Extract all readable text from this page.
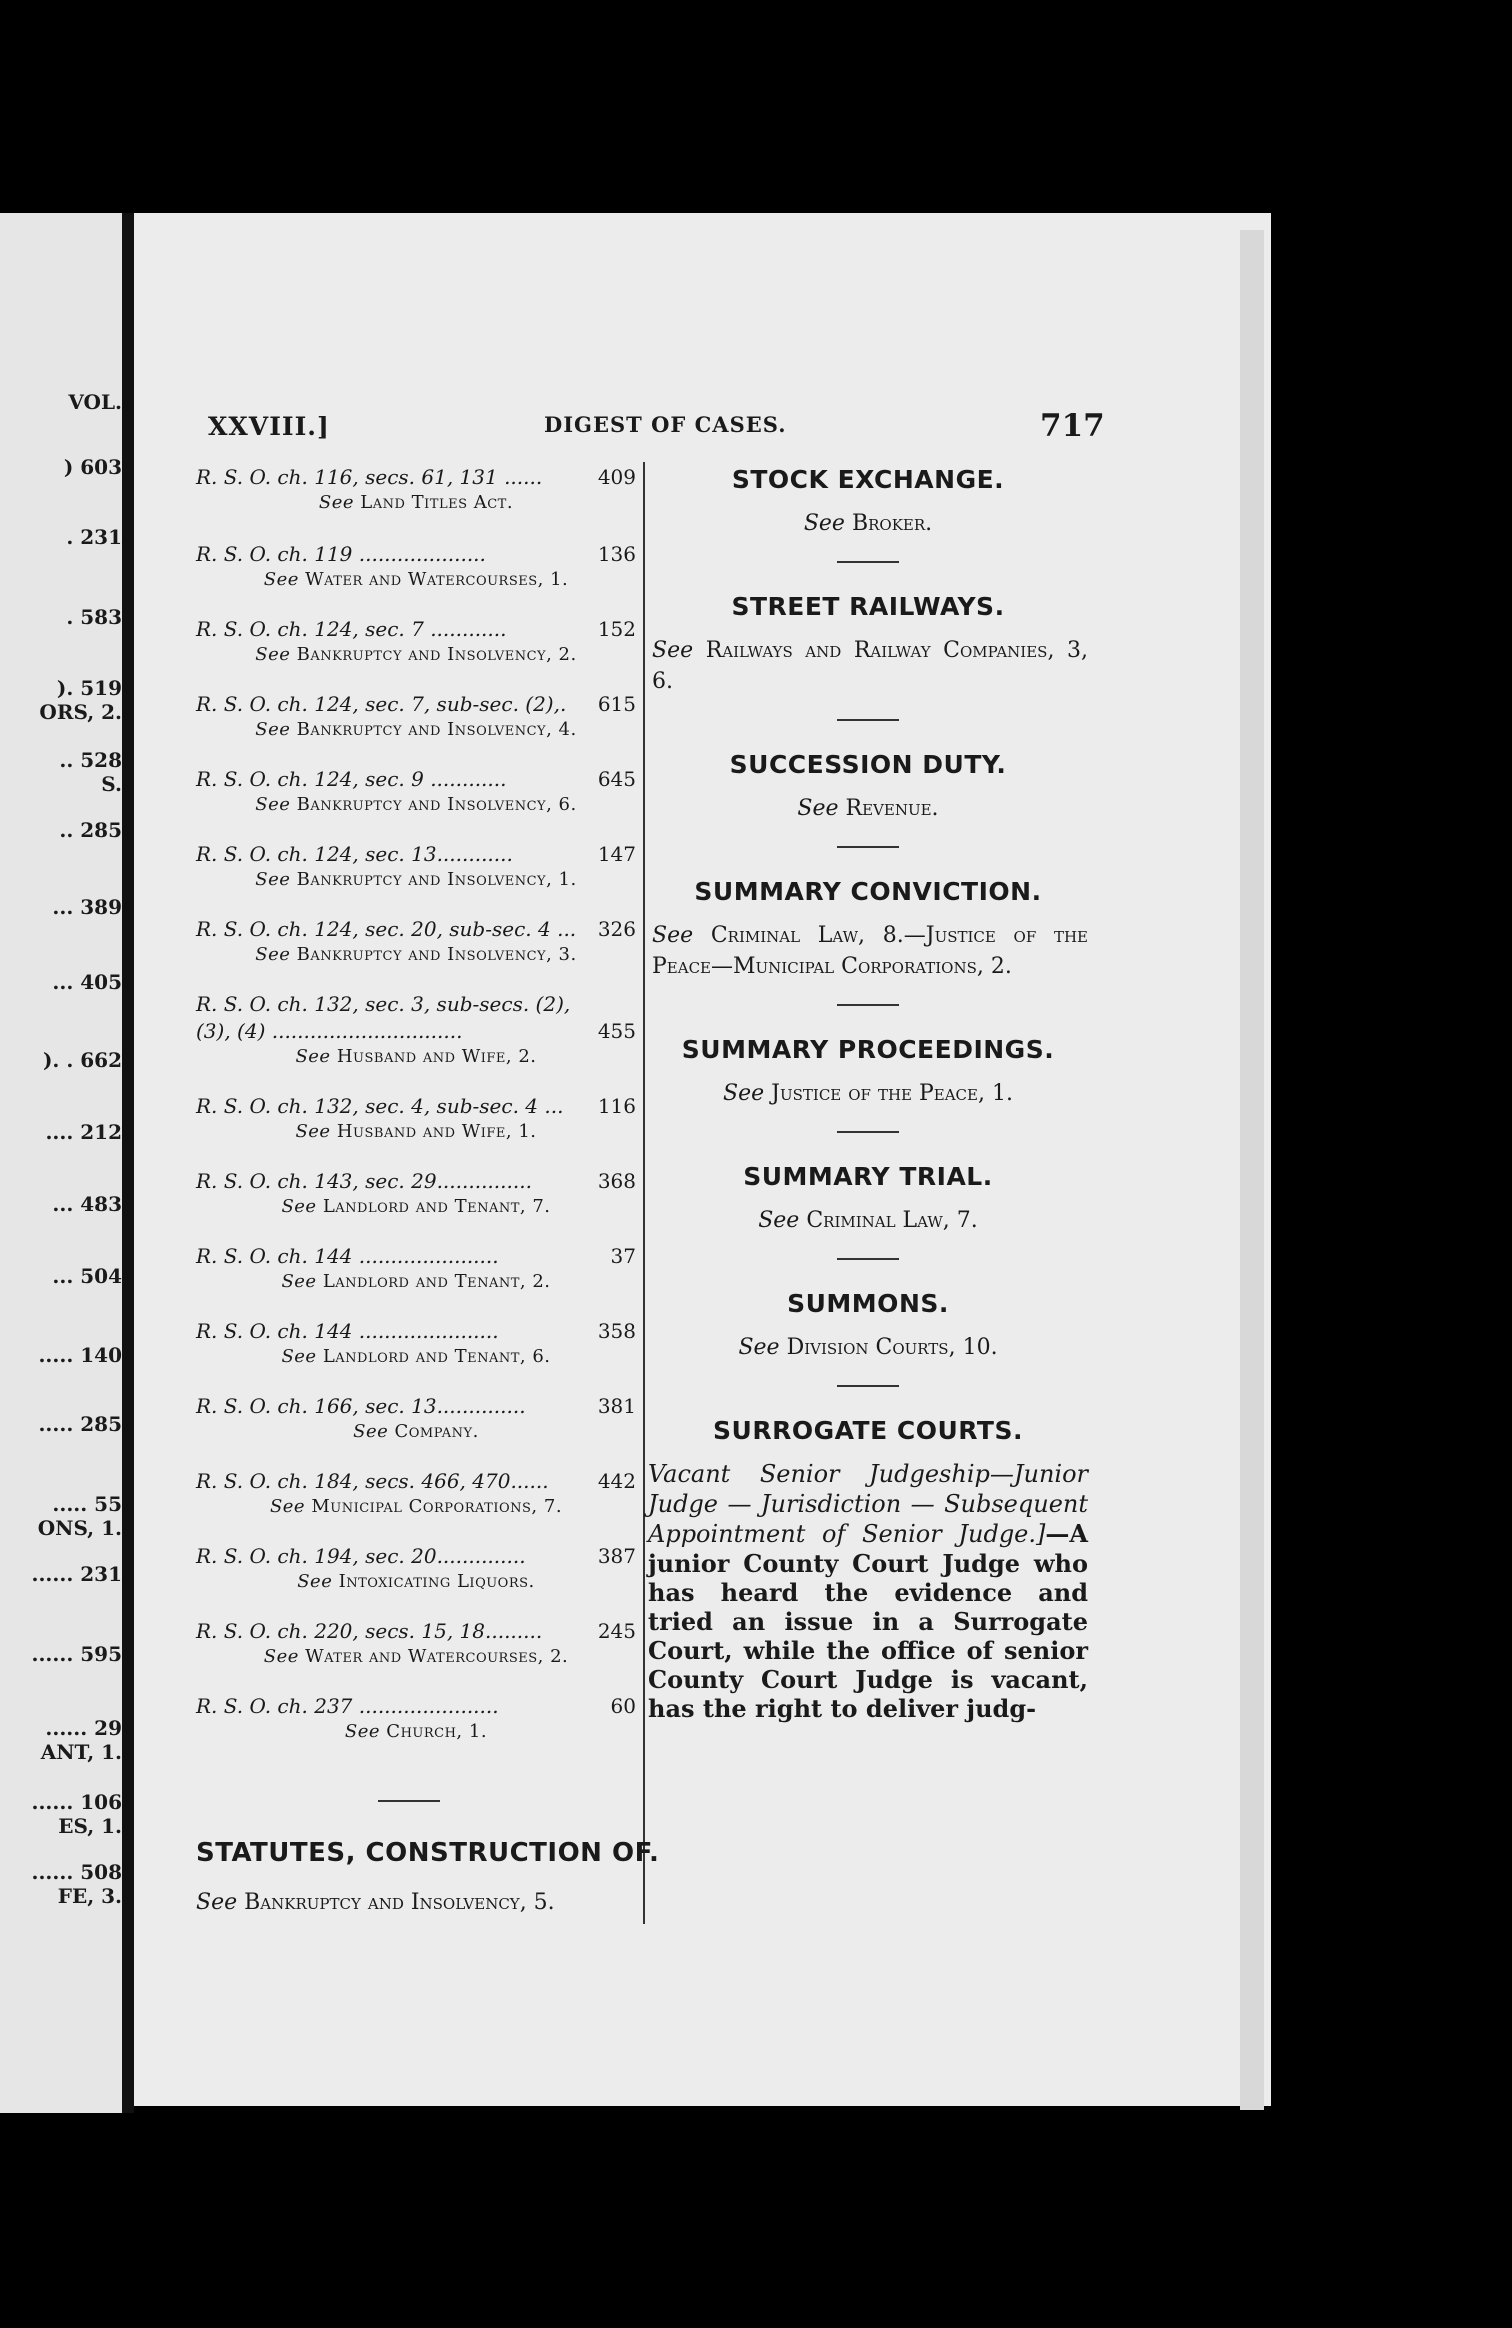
VOL.
) 603
. 231
. 583
). 519
ORS, 2.
.. 528
S.
.. 285
... 389
... 405
). . 662
.... 212
... 483
... 504
..... 140
..... 285
..... 55
ONS, 1.
...... 231
...... 595
...... 29
ANT, 1.
...... 106
ES, 1.
...... 508
FE, 3.
XXVIII.]	DIGEST OF CASES.	717
R. S. O. ch. 116, secs. 61, 131 ......	409
See Land Titles Act.
R. S. O. ch. 119 ....................	136
See Water and Watercourses, 1.
R. S. O. ch. 124, sec. 7 ............	152
See Bankruptcy and Insolvency, 2.
R. S. O. ch. 124, sec. 7, sub-sec. (2),. 615
See Bankruptcy and Insolvency, 4.
R. S. O. ch. 124, sec. 9 ............	645
See Bankruptcy and Insolvency, 6.
R. S. O. ch. 124, sec. 13............	147
See Bankruptcy and Insolvency, 1.
R. S. O. ch. 124, sec. 20, sub-sec. 4 ... 326
See Bankruptcy and Insolvency, 3.
R. S. O. ch. 132, sec. 3, sub-secs. (2),
(3), (4) ..............................	455
See Husband and Wife, 2.
R. S. O. ch. 132, sec. 4, sub-sec. 4 ... 116
See Husband and Wife, 1.
R. S. O. ch. 143, sec. 29...............	368
See Landlord and Tenant, 7.
R. S. O. ch. 144 ......................	37
See Landlord and Tenant, 2.
R. S. O. ch. 144 ......................	358
See Landlord and Tenant, 6.
R. S. O. ch. 166, sec. 13..............	381
See Company.
R. S. O. ch. 184, secs. 466, 470...... 442
See Municipal Corporations, 7.
R. S. O. ch. 194, sec. 20..............	387
See Intoxicating Liquors.
R. S. O. ch. 220, secs. 15, 18.........	245
See Water and Watercourses, 2.
R. S. O. ch. 237 ......................	60
See Church, 1.
STATUTES, CONSTRUCTION OF.
See Bankruptcy and Insolvency, 5.
STOCK EXCHANGE.
See Broker.
STREET RAILWAYS.
See Railways and Railway Companies, 3, 6.
SUCCESSION DUTY.
See Revenue.
SUMMARY CONVICTION.
See Criminal Law, 8.—Justice of the Peace—Municipal Corporations, 2.
SUMMARY PROCEEDINGS.
See Justice of the Peace, 1.
SUMMARY TRIAL.
See Criminal Law, 7.
SUMMONS.
See Division Courts, 10.
SURROGATE COURTS.
Vacant Senior Judgeship—Junior Judge — Jurisdiction — Subsequent Appointment of Senior Judge.]—A junior County Court Judge who has heard the evidence and tried an issue in a Surrogate Court, while the office of senior County Court Judge is vacant, has the right to deliver judg-
